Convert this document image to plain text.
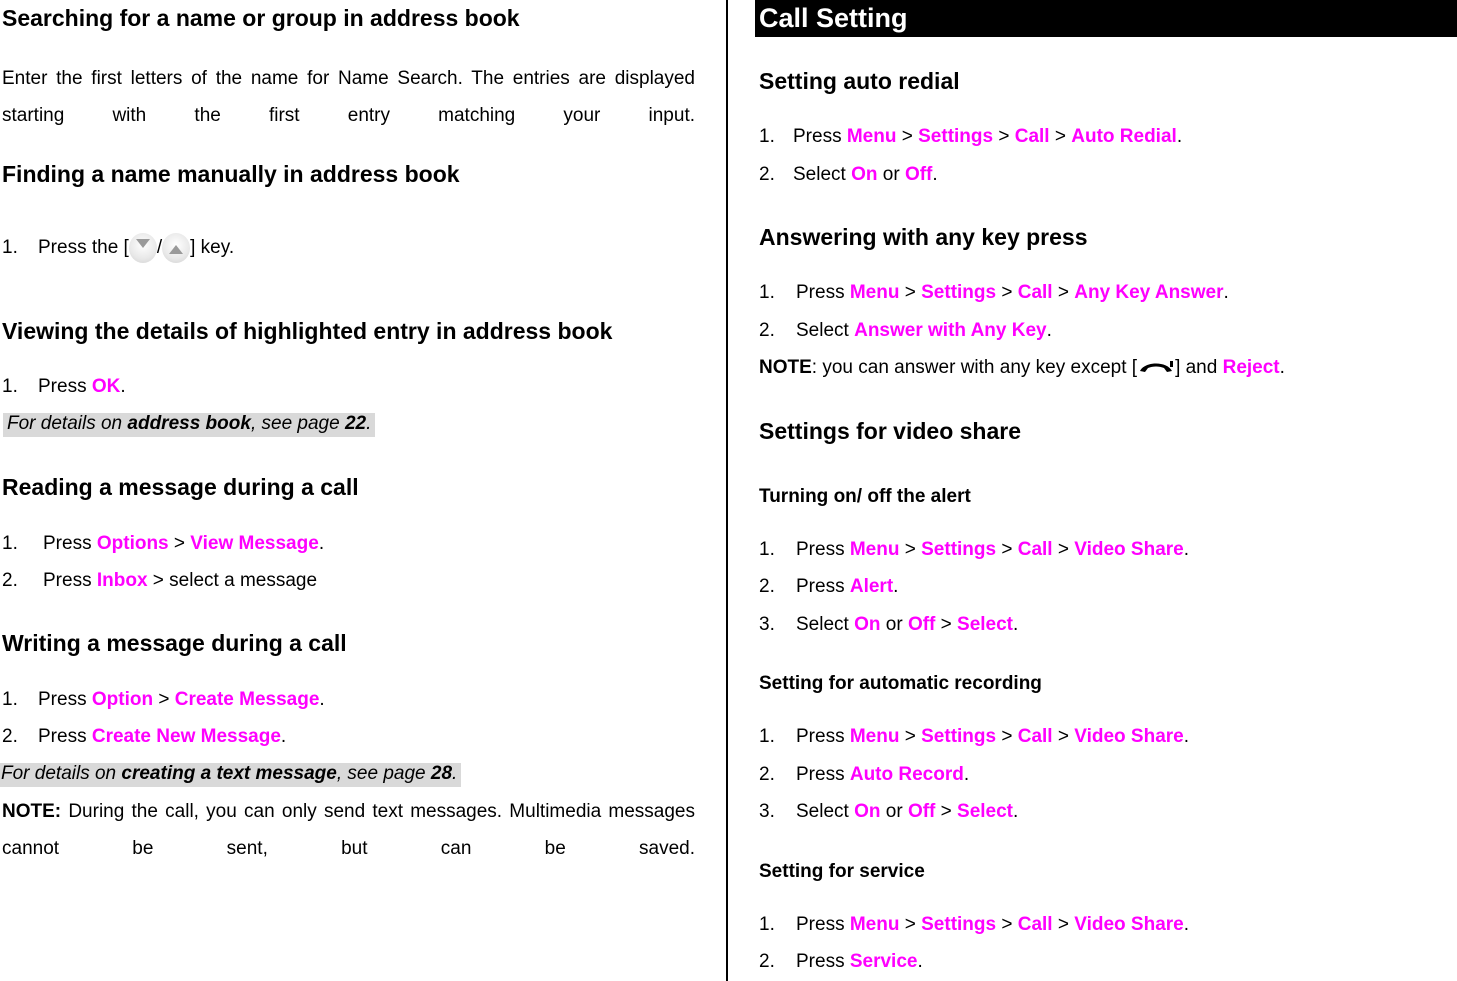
Searching for a name or group in address book
Enter the first letters of the name for Name Search. The entries are displayed starting with the first entry matching your input.
Finding a name manually in address book
1. Press the [ / ] key.
Viewing the details of highlighted entry in address book
1. Press OK.
For details on address book, see page 22.
Reading a message during a call
1. Press Options > View Message.
2. Press Inbox > select a message
Writing a message during a call
1. Press Option > Create Message.
2. Press Create New Message.
For details on creating a text message, see page 28.
NOTE: During the call, you can only send text messages. Multimedia messages cannot be sent, but can be saved.
Call Setting
Setting auto redial
1. Press Menu > Settings > Call > Auto Redial.
2. Select On or Off.
Answering with any key press
1. Press Menu > Settings > Call > Any Key Answer.
2. Select Answer with Any Key.
NOTE: you can answer with any key except [ ] and Reject.
Settings for video share
Turning on/ off the alert
1. Press Menu > Settings > Call > Video Share.
2. Press Alert.
3. Select On or Off > Select.
Setting for automatic recording
1. Press Menu > Settings > Call > Video Share.
2. Press Auto Record.
3. Select On or Off > Select.
Setting for service
1. Press Menu > Settings > Call > Video Share.
2. Press Service.
